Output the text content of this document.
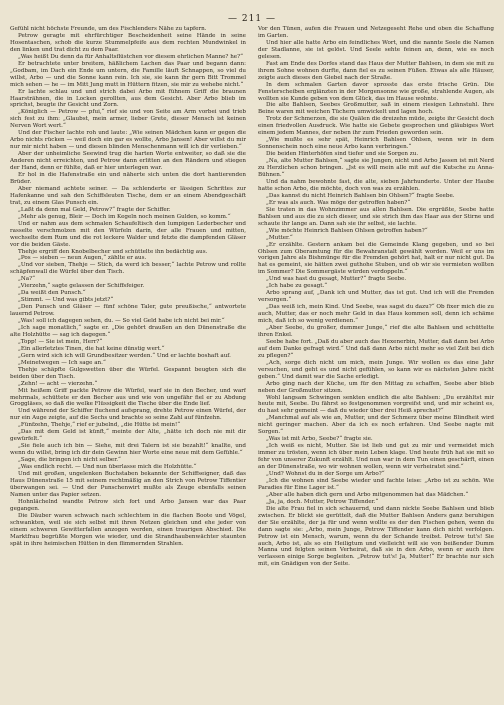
— 211 —

Gefühl nicht höchste Freunde, um des Fischlenders Nähe zu tapfern.

Petrow geragte mit ehrfürchtiger Bescheidenheit seine Hände in seine Hosentaschen, schob die kurze Stummelpfeife aus dem rechten Mundwinkel in den linken und trat dicht zu dem Paar.

„Was heißt Du denn da für Anhaltsflüstchen vor diesem ehrlichen Manne? he?“

Er betrachtete unter breitem, häßlichem Lachen das Paar und begann dann: „Godbam, im Dach ein Ende um untern, die Famille läuft Schnappen, so viel du willst, Arbo — und die Sonne kann rein. Ich sie, sie kann ihr gern Bitt Trommel mich sehen — he — im Mitt Jung mutt in Hüttern fitzen, sie mir zu wehebe nicht.“

Er lachte schlau und und strich dabei Arbo mit fühnem Griff die braunen Haarsträhnen, die in Locken gerollten, aus dem Gesicht. Aber Arbo blieb im sprichst, beugte ihr Gesicht und Zorn.

„Königlich — Petrow — pfui,“ rief sie und von Seite am Arm vorbei und trieb sich fest zu ihm: „Glaubst, mein armer, lieber Grete, dieser Mensch ist keinen Nerven Wort wert.“

Und der Fischer lachte roh und laute: „Wie seinen Mädchen kann er gegen die Arbo nichts rücken — weil doch ein gar es wollte, Arbo Jansen! Aber willst du mir nur mir nicht haben — und diesen blinden Menschenmann will ich dir verlieben.“

Aber der unheimliche Seewind trug die harten Worte entweiter, so daß sie die Anderen nicht erreichten, und Petrow dann erlitten an den Rändern und stiegen der Hand, denn er fühlte, daß er hier unterlegen war.

Er hol in die Hafenstraße ein und näherte sich unten die dort hantierenden Brüder.

Aber niemand achtete seiner. — Da schlenderte er lässigen Schrittes zur Hafenkanne und sah den Schiffsleuten Tische, dem er an einem Abendgeschäft trat, zu einem Glas Punsch ein.

„Laßt da denn mal Geld, Petrow?“ fragte der Schiffer.

„Mehr als genug, Bleir — Doch im Kegeln noch meinen Gulden, so komm.“

Und er nahm aus dem schmalen Schaufeltisch den lumpigen Lederbecher und rasselte verschmolzen mit den Würfeln darin, der alle Frauen und mitten, wechselte dem Rum und die rot leckere Walder und fetzte die dampfenden Gläser vor die beiden Gäste.

Thehje ergriff den Knobelbecher und schüttelte ihn bedächtig aus.

„Pos — sieben — neun Augen,“ zählte er aus.

„Und vor sieben, Thehje — Stich, da werd ich besser,“ lachte Petrow und rollte schäpfenwall die Würfel über den Tisch.

„Na?“

„Vierzehn,“ sagte gelassen der Schiffsfeiger.

„Da weißt den Punsch.“

„Stimmt. — Und was gibts jetzt?“

„Den Punsch und Gläser — fünf schöne Taler, gute preußische,“ antwortete lauernd Petrow.

„Was! soll ich dagegen sehen, du. — So viel Geld habe ich nicht bei mir.“

„Ich sage monatlich,“ sagte er. „Die gehört draußen an den Dünenstraße die alte Holzhütte — sag ich dagegen.“

„Topp! — Sie ist mein, Herr?“

„Ein allerletztes Tinen, die hat keine dünstig wert.“

„Gern wird sich ich will Grundbesitzer werden.“ Und er lachte boshaft auf.

„Meinetwegen — Ich sage an.“

Thehje schäpfte Gulgswetten über die Würfel. Gespannt beugten sich die beiden über den Tisch.

„Zehn! — acht — vierzehn.“

Mit heißem Griff packte Petrow die Würfel, warf sie in den Becher, und warf mehrmals, schüttete er den Becher aus und wie von ungefähr fiel er zu Abdung Groggläses, so daß die welke Flüssigkeit die Tische über die Ende lief.

Und während der Schiffer fluchend aufsprang, drehte Petrow einen Würfel, der nur ein Auge zeigte, auf die Sechs und brachte so seine Zahl auf fünfzehn.

„Fünfzehn, Thehje,“ rief er jubelnd, „die Hütte ist mein!“

„Das mit dem Geld ist künft,“ meinte der Alte, „hätte ich doch nie mit dir gewürfelt.“

„Sie fiele auch ich bin — Siehe, mit drei Talern ist sie bezahlt!“ knallte, und wenn du willst, bring ich dir dein Gewinn hier Worte eine neue mit dem Gefühle.“

„Sage, die bringen ich nicht selber.“

„Was endlich recht. — Und nun überlasse mich die Holzhütte.“

Und mit großen, ungelenken Buchstaben bekannte der Schiffseigner, daß das Haus Dünenstraße 15 mit seinem rechtmäßig an den Strich von Petrow Tiffentier überwangen sei. — Und der Punschenwirt mußte als Zeuge ebenfalls seinen Namen unter das Papier setzen.

Hohnlächelnd wandte Petrow sich fort und Arbo Jansen war das Paar gegangen.

Die Däuber waren schwach nach schlechtem in die flachen Boote und Vögel, schwankten, weil sie sich selbst mit ihren Netzen gleichen und ehe jeder von einem schweren Gewitterfallen anzogen werden, einen traurigen Abschied. Die Marktfrau begrüßte Morgen wie wieder, und die Strandhaubenwächter staunten spät in ihre heimischen Hütten in den flimmernden Strahlen.

Vor den Tünen, aufen die Frauen und Netzegeseht Rehe und oben die Schaffung im Garten.

Und hier alle hatte Arbo ein feindliches Wort, und die nannte Seele die Namen der Stadlanne, sie ist gelöst. Und Seele sehte feinen an, denn, wie es noch gelesen.

Fast am Ende des Dorfes stand das Haus der Mutter Bahlsen, in dem sie mit zu ihrem Sohne wohnen durfte, dann fiel es zu seinen Füßen. Etwas als alle Häuser, zeigte auch dieses den Giebel nach der Straße.

In dem schmalen Garten davor sprosste das erste frische Grün. Die Fensterscheiben erglänzten in der Morgensonne wie große, strahlende Augen, als wollten sie Kunde geben von dem Glück, das im Hause wohnte.

Die alte Bahlsen, Seebes Großmutter, saß in einem riesigen Lehnstuhl. Ihre Beine waren mit weichen Tüchern umwickelt und lagen hoch.

Trotz der Schmerzen, die sie Quälen die dreizehn müde, zeigte ihr Gesicht doch einen friedvollen Ausdruck. Wie hatte sie Gebete gesprochen und gläubiges Wort einem jedem Mannes, der neben ihr zum Frieden geworden sein.

„Wie mußte es sehr spät, Heinrich Bahlsen Ohlsen, wenn wir in dem Sonnenschein noch eine neue Arbo kann verbringen.“

Die beiden Hinterhöfen sind tiefer und sie Sorgen zu.

„Na, alte Mutter Bahlsen,“ sagte sie Jungen, nicht und Arbo Jassen ist mit Nerd zu Herzlichen schon bringen. „Jst es will mein alle mit auf die Kutsche zu Anna-Bühnen.“

Und da nahm bewohnte fast, die alte, sieben Jahrhunderte. Unter der Haube hatte schon Arbo, die möchte, doch von was zu erzählen.

„Das kannst du nicht Heinrich Bahlsen bin Ohlsen?“ fragte Seebe.

„Er was als auch. Was möge der getroffen haben?“

Sie traten in das Wohnzimmer aus allen Bahlsen. Die ergrüßte, Seebe hatte Bahlsen und aus die zu sich dieser, und sie strich ihm das Haar aus der Stirne und schaute ihr lange an. Dann sah sie ihr selbst, sie lachte.

„Wie möchte Heinrich Bahlsen Ohlsen getroffen haben?“

„Mutter.“

„Er erzählte. Gestern ankam bei die Gemeinde Klang gegeben, und so bei Ohlsen zum Oberamtung für die Bewahranstalt gewählt worden. Weil er uns im vorigen Jahre als Bishmünge für die Fremden gehört hat, halt er nur nicht gut. Da hat es gemeint, sie hätten zwei guthohe Stuben, und ob wir sie vermieten wollten im Sommer? Die Sommergäste würden verdoppeln.“

„Und was hast du gesagt, Mutter?“ fragte Seebe.

„Ich habe zu gesagt.“

Arbo sprang auf, „Dank ich und Mutter, das ist gut. Und ich will die Fremden versorgen.“

„Das weiß ich, mein Kind. Und Seebe, was sagst du dazu?“ Ob fixer mich die zu auch, Mutter, das er noch mehr Geld in das Haus kommen soll, denn ich schäme mich, daß ich so wenig verdienen.“

„Aber Seebe, du großer, dummer Junge,“ rief die alte Bahlsen und schüttelte ihren Enkel.

Seebe habe fort. „Daß du aber auch das Hexenerbin, Mutter, daß dann bei Arbo auf dem Danke gefragt wird.“ Und daß dann Arbo nicht mehr so viel Zeit bei dich zu pflegen?“

„Ach, sorge dich nicht um mich, mein Junge. Wir wollen es das eine Jahr versuchen, und geht es und nicht gefühlen, so kann wir es nächsten Jahre nicht geben.“ Und damit war die Sache erledigt.

Arbo ging nach der Küche, um für den Mittag zu schaffen, Seebe aber blieb neben der Großmutter sitzen.

Wohl langsam Schwingen senkten endlich die alte Bahlsen: „Du erzähltst mir heute mit, Seebe. Du fährst so festgenommen vorgreifst und, und mir scheint es, du hast sehr gemeint — daß du wieder über drei Heiß sprechst?“

„Manchmal auf als wie an, Mutter, und der Schmerz über meine Blindheit wird nicht geringer machen. Aber da ich es noch erfahren. Und Seebe nagte mit Sorgen.“

„Was ist mit Arbo, Seebe?“ fragte sie.

„Ich weiß es nicht, Mutter. Sie ist lieb und gut zu mir und vermeidet mich immer zu trösten, wenn ich über mein Leben klage. Und heute früh hat sie mit so fehr von unserer Zukunft erzählt. Und nun war in dem Tun einen geschärft, einen an der Dünenstraße, wo wir wohnen wollen, wenn wir verheiratet sind.“

„Und? Wohnst du in der Sorge um Arbo?“

„Ich die wohnen sind Seebe wieder und fachte leise: „Arbo ist zu schön. Wie Paradies für Eine Lager ist.“

„Aber alle haben dich gern und Arbo mitgenommen hat das Mädchen.“

„Ja, ja, doch. Mutter, Petrow Tiffender.“

Die alte Frau fiel in sich schauernd, und dann nickte Seebe Bahlsen und blieb zwischen. Er blickt sie gerüttelt, daß die Mutter Bahlsen Anders ganz beruhigen der Sie erzählte, der ja für und wenn wollte es der den Fischen gehen, wenn du dann sagte sie: „Arbo, mein Junge, Petrow Tiffender kann dich nicht verfolgen. Petrow ist ein Mensch, warum, wenn du der Schande treibst. Petrow tut's! Sie auch, Arbo ist, als so ein Heiligtum und vielleicht will sie von beißender Dumm Manna und felgten seinen Verheirat, daß sie in den Arbo, wenn er auch ihre verlassen einige Sorge begleiten. „Petrow tut's! Ja, Mutter!“ Er brachte nur sich mit, ein Gnädigen von der Seite.
